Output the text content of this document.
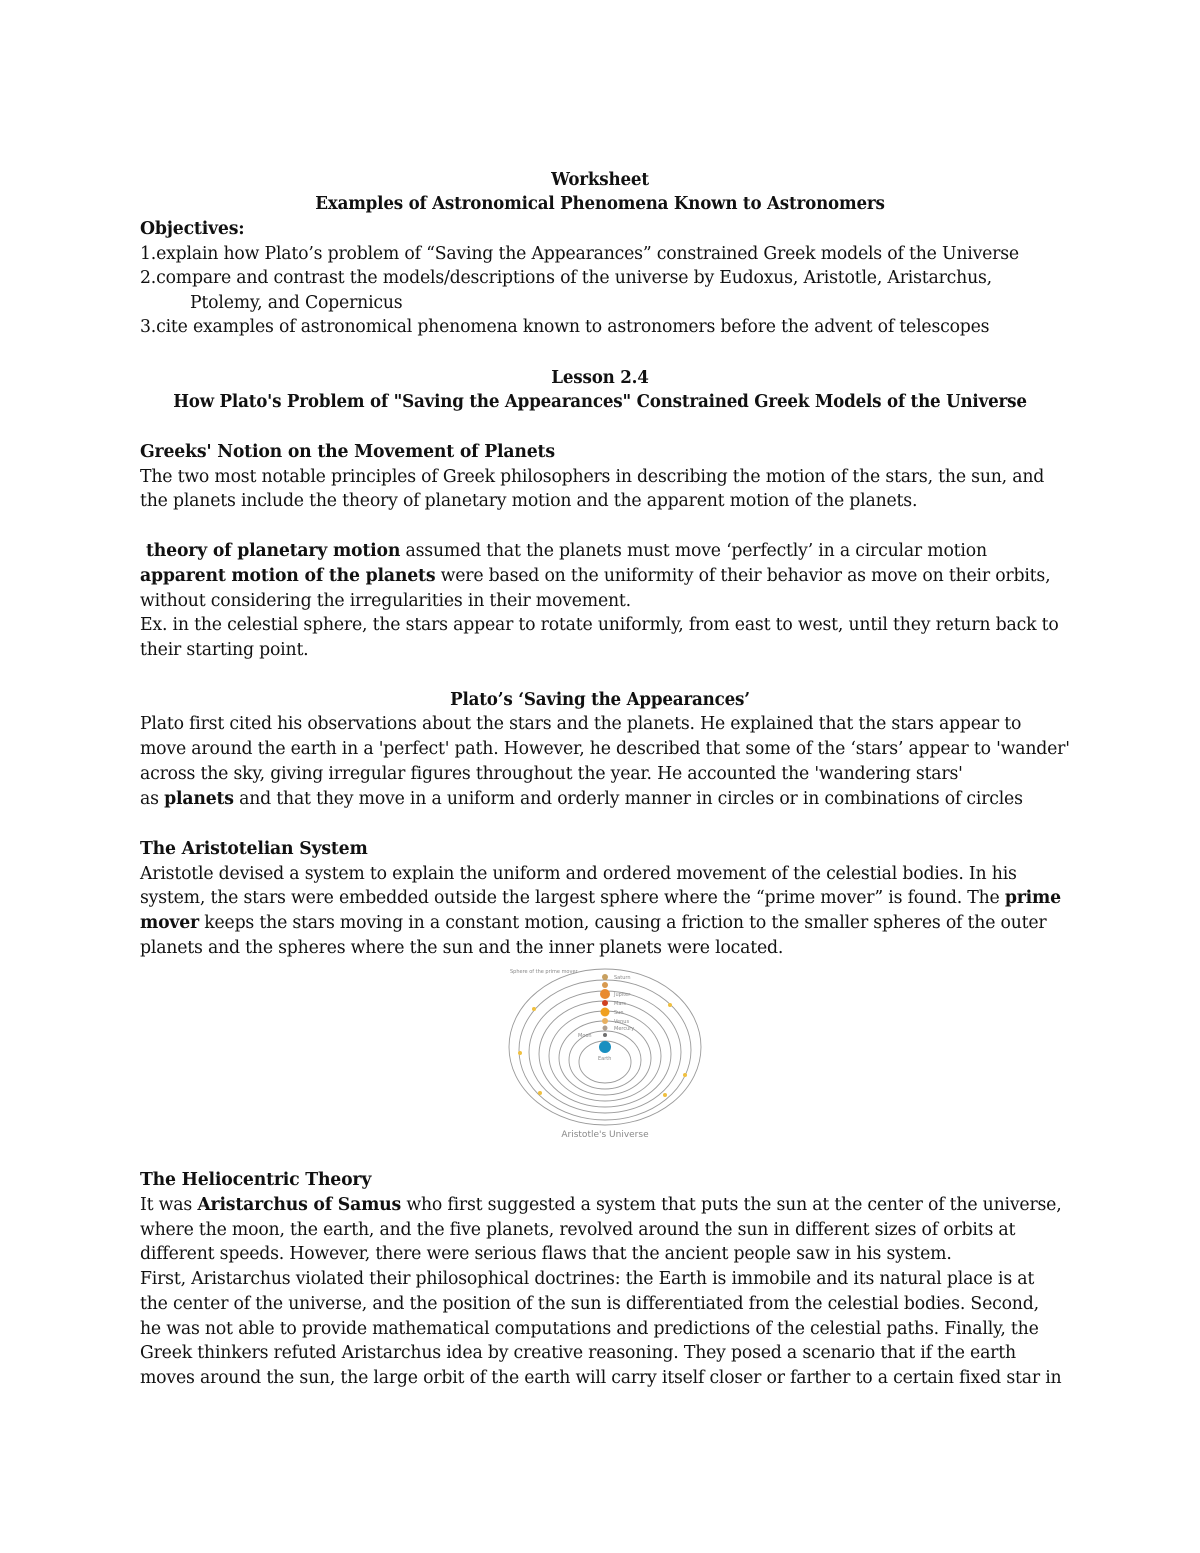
Worksheet
Examples of Astronomical Phenomena Known to Astronomers
Objectives:
1.explain how Plato’s problem of “Saving the Appearances” constrained Greek models of the Universe
2.compare and contrast the models/descriptions of the universe by Eudoxus, Aristotle, Aristarchus,
Ptolemy, and Copernicus
3.cite examples of astronomical phenomena known to astronomers before the advent of telescopes
Lesson 2.4
How Plato's Problem of "Saving the Appearances" Constrained Greek Models of the Universe
Greeks' Notion on the Movement of Planets
The two most notable principles of Greek philosophers in describing the motion of the stars, the sun, and
the planets include the theory of planetary motion and the apparent motion of the planets.
theory of planetary motion assumed that the planets must move ‘perfectly’ in a circular motion
apparent motion of the planets were based on the uniformity of their behavior as move on their orbits,
without considering the irregularities in their movement.
Ex. in the celestial sphere, the stars appear to rotate uniformly, from east to west, until they return back to
their starting point.
Plato’s ‘Saving the Appearances’
Plato first cited his observations about the stars and the planets. He explained that the stars appear to
move around the earth in a 'perfect' path. However, he described that some of the ‘stars’ appear to 'wander'
across the sky, giving irregular figures throughout the year. He accounted the 'wandering stars'
as planets and that they move in a uniform and orderly manner in circles or in combinations of circles
The Aristotelian System
Aristotle devised a system to explain the uniform and ordered movement of the celestial bodies. In his
system, the stars were embedded outside the largest sphere where the “prime mover” is found. The prime
mover keeps the stars moving in a constant motion, causing a friction to the smaller spheres of the outer
planets and the spheres where the sun and the inner planets were located.
Sphere of the prime mover
Saturn
Jupiter
Mars
Sun
Venus
Mercury
Moon
Earth
Aristotle's Universe
The Heliocentric Theory
It was Aristarchus of Samus who first suggested a system that puts the sun at the center of the universe,
where the moon, the earth, and the five planets, revolved around the sun in different sizes of orbits at
different speeds. However, there were serious flaws that the ancient people saw in his system.
First, Aristarchus violated their philosophical doctrines: the Earth is immobile and its natural place is at
the center of the universe, and the position of the sun is differentiated from the celestial bodies. Second,
he was not able to provide mathematical computations and predictions of the celestial paths. Finally, the
Greek thinkers refuted Aristarchus idea by creative reasoning. They posed a scenario that if the earth
moves around the sun, the large orbit of the earth will carry itself closer or farther to a certain fixed star in
